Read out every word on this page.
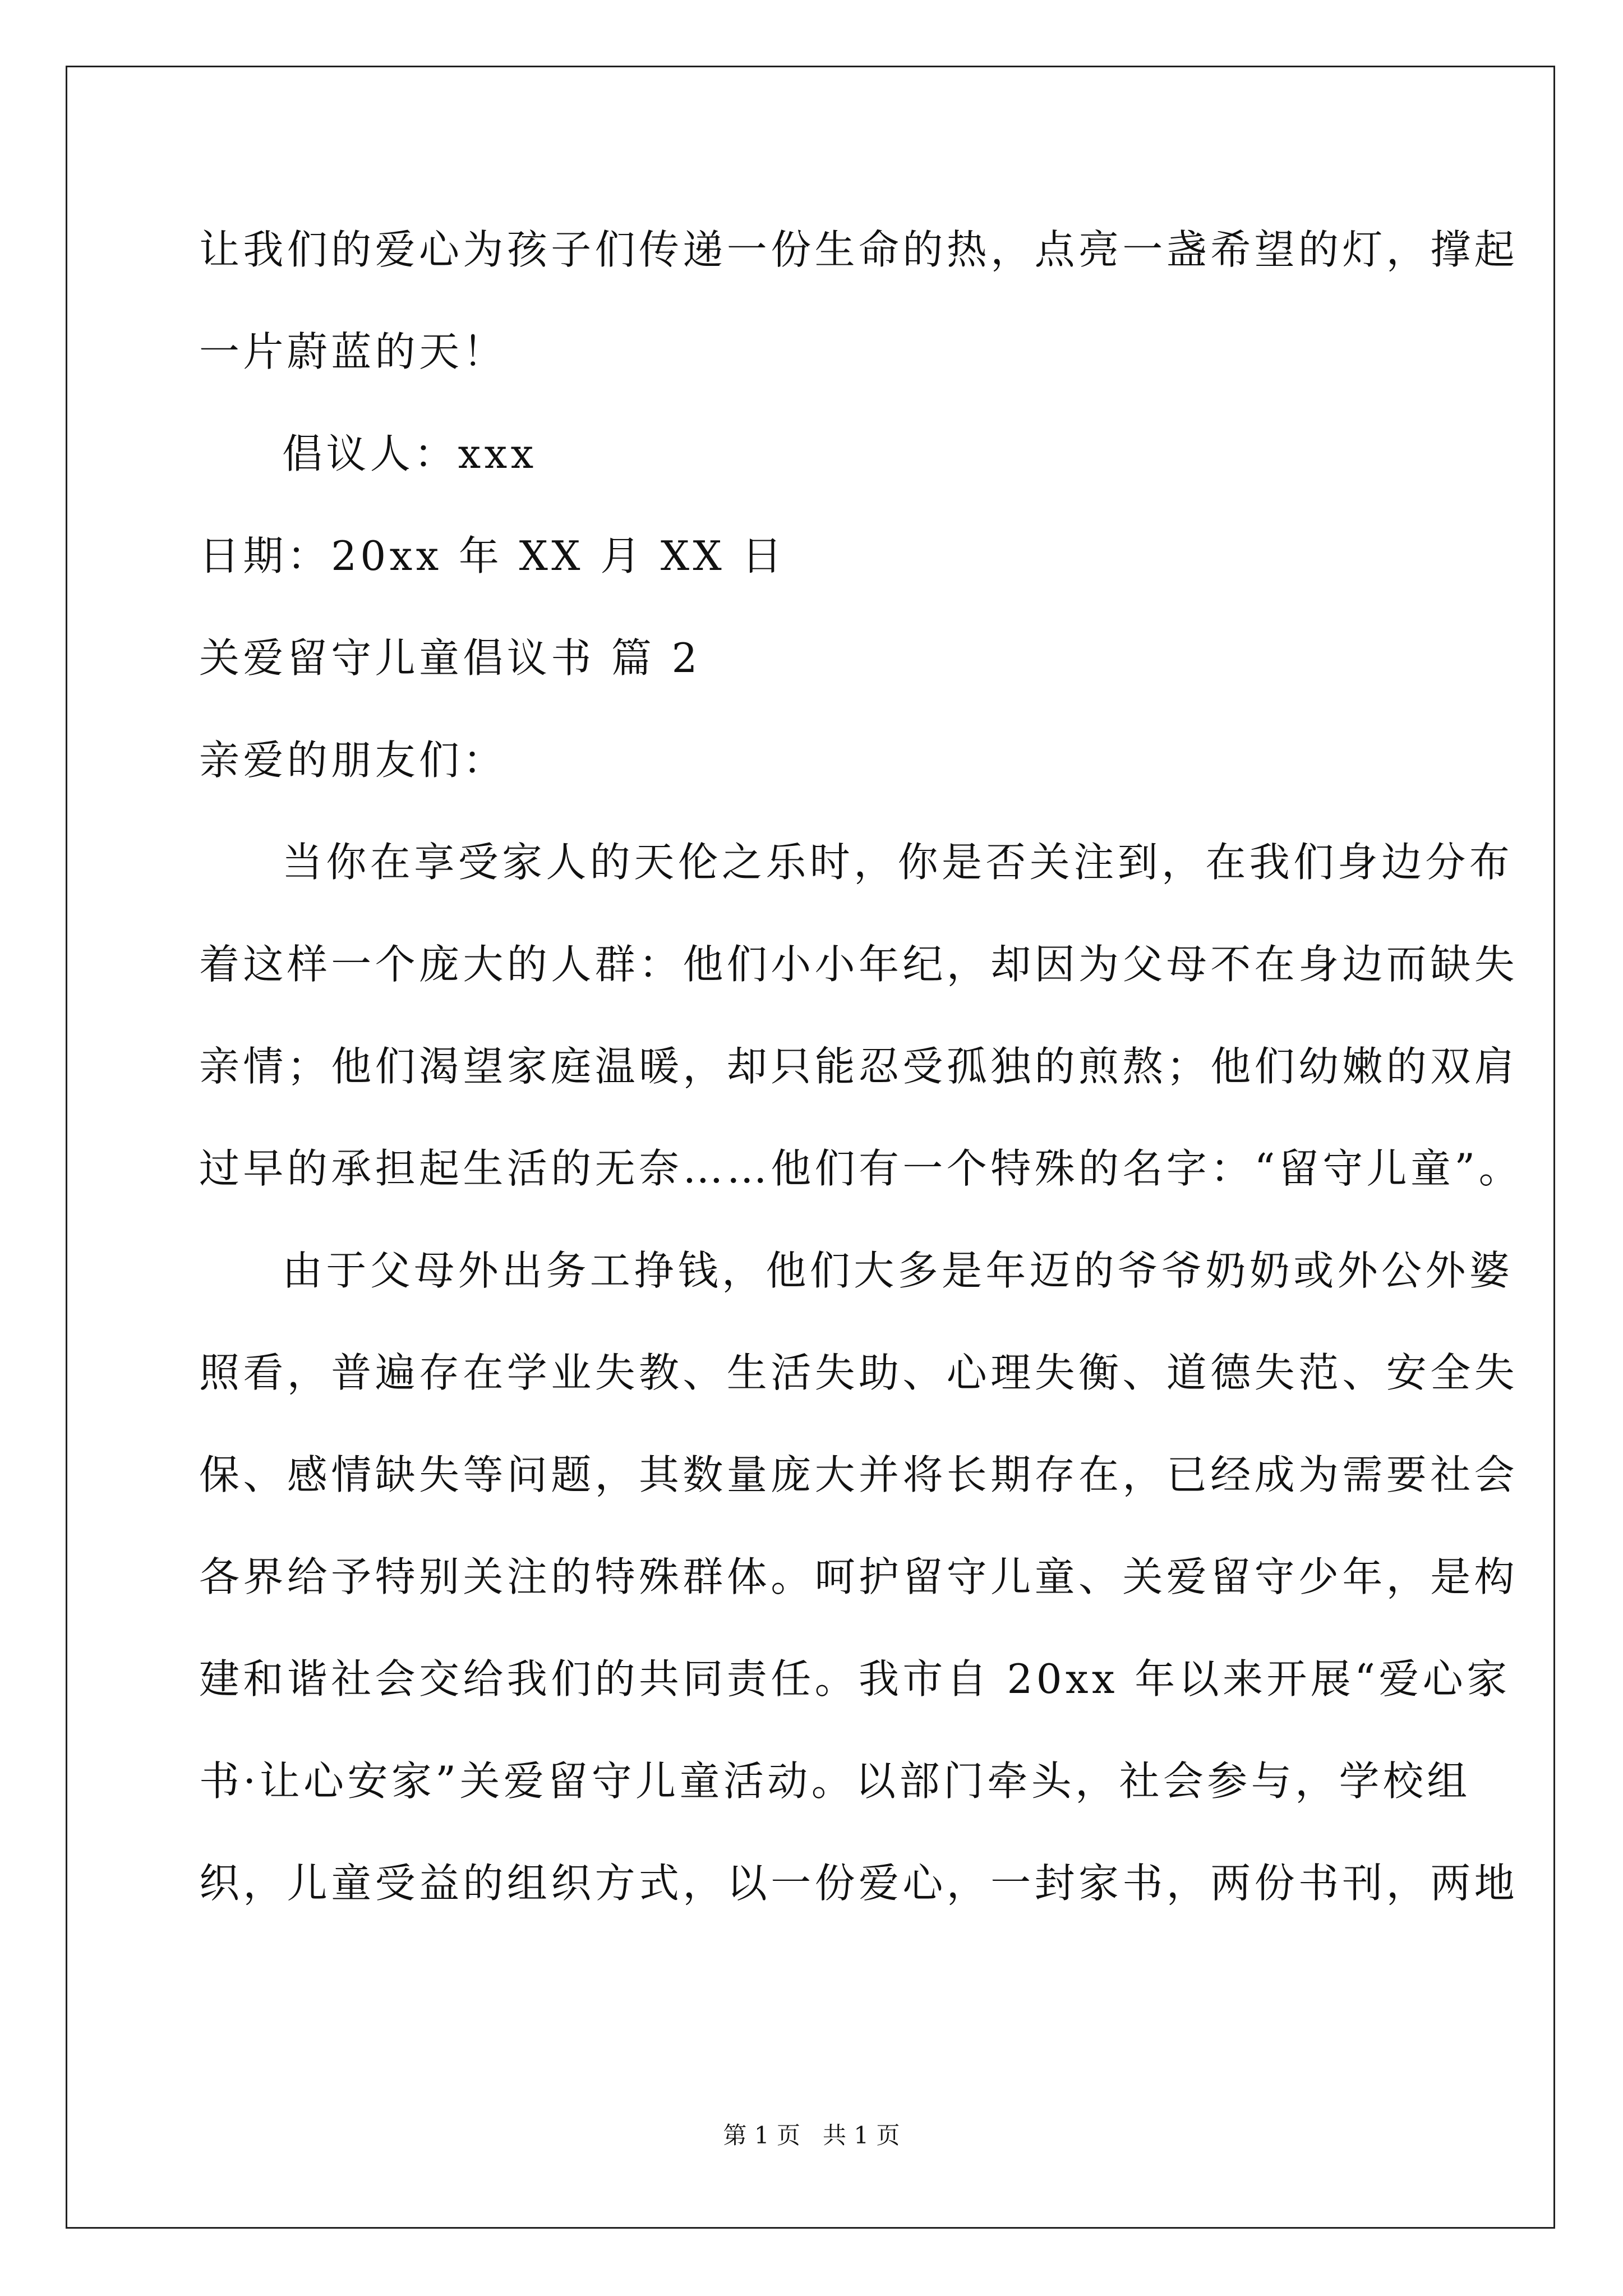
让我们的爱心为孩子们传递一份生命的热，点亮一盏希望的灯，撑起
一片蔚蓝的天！
倡议人：xxx
日期：20xx 年 XX 月 XX 日
关爱留守儿童倡议书 篇 2
亲爱的朋友们：
当你在享受家人的天伦之乐时，你是否关注到，在我们身边分布
着这样一个庞大的人群：他们小小年纪，却因为父母不在身边而缺失
亲情；他们渴望家庭温暖，却只能忍受孤独的煎熬；他们幼嫩的双肩
过早的承担起生活的无奈……他们有一个特殊的名字：“留守儿童”。
由于父母外出务工挣钱，他们大多是年迈的爷爷奶奶或外公外婆
照看，普遍存在学业失教、生活失助、心理失衡、道德失范、安全失
保、感情缺失等问题，其数量庞大并将长期存在，已经成为需要社会
各界给予特别关注的特殊群体。呵护留守儿童、关爱留守少年，是构
建和谐社会交给我们的共同责任。我市自 20xx 年以来开展“爱心家
书·让心安家”关爱留守儿童活动。以部门牵头，社会参与，学校组
织，儿童受益的组织方式，以一份爱心，一封家书，两份书刊，两地
第 1 页 共 1 页
